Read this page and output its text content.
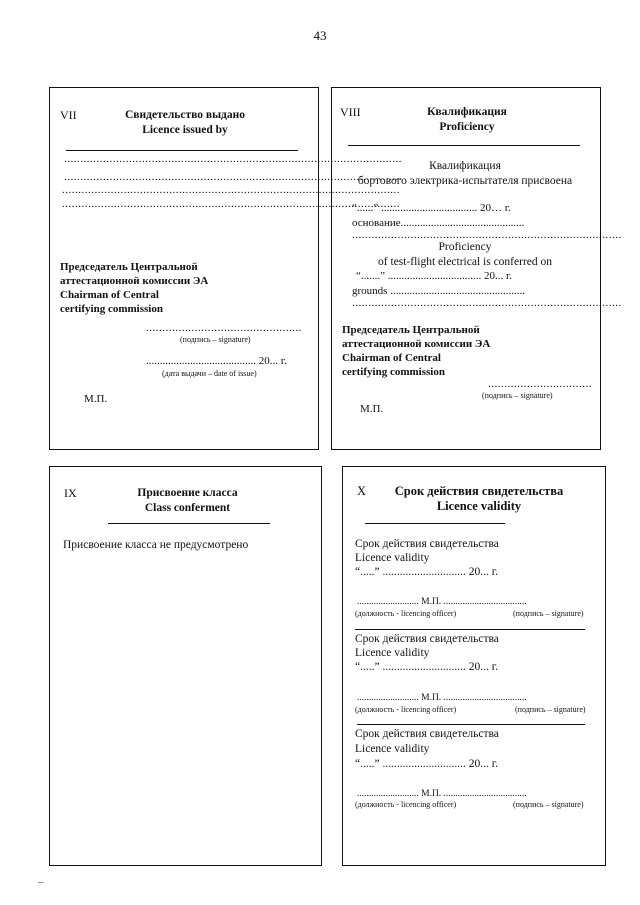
43
VII	Свидетельство выдано
Licence issued by
........................................................................................................
........................................................................................................
........................................................................................................
........................................................................................................
Председатель Центральной
аттестационной комиссии ЭА
Chairman of Central
certifying commission
................................................
(подпись – signature)
........................................ 20... г.
(дата выдачи – date of issue)
М.П.
VIII	Квалификация
Proficiency
Квалификация
бортового электрика-испытателя присвоена
“......” ................................... 20… г.
основание.............................................
...................................................................................
Proficiency
of test-flight electrical is conferred on
“.......” .................................. 20... г.
grounds .................................................
...................................................................................
Председатель Центральной
аттестационной комиссии ЭА
Chairman of Central
certifying commission
................................
(подпись – signature)
М.П.
IX	Присвоение класса
Class conferment
Присвоение класса не предусмотрено
X Срок действия свидетельства
Licence validity
Срок действия свидетельства
Licence validity
“.....” ............................. 20... г.
.......................... М.П. ...................................
(должность - licencing officer)	(подпись – signature)
Срок действия свидетельства
Licence validity
“.....” ............................. 20... г.
.......................... М.П. ...................................
(должность - licencing officer)	(подпись – signature)
Срок действия свидетельства
Licence validity
“.....” ............................. 20... г.
.......................... М.П. ...................................
(должность - licencing officer)	(подпись – signature)
